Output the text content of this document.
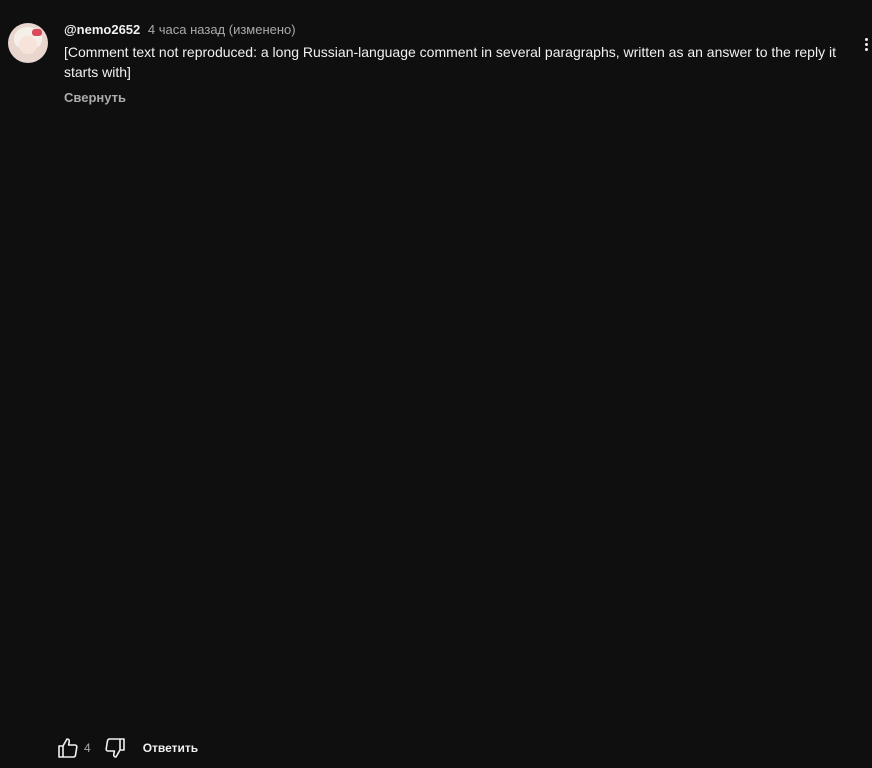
@nemo2652 4 часа назад (изменено)
[Comment text not reproduced: a long Russian-language comment in several paragraphs, written as an answer to the reply it starts with]
Свернуть
4	Ответить
